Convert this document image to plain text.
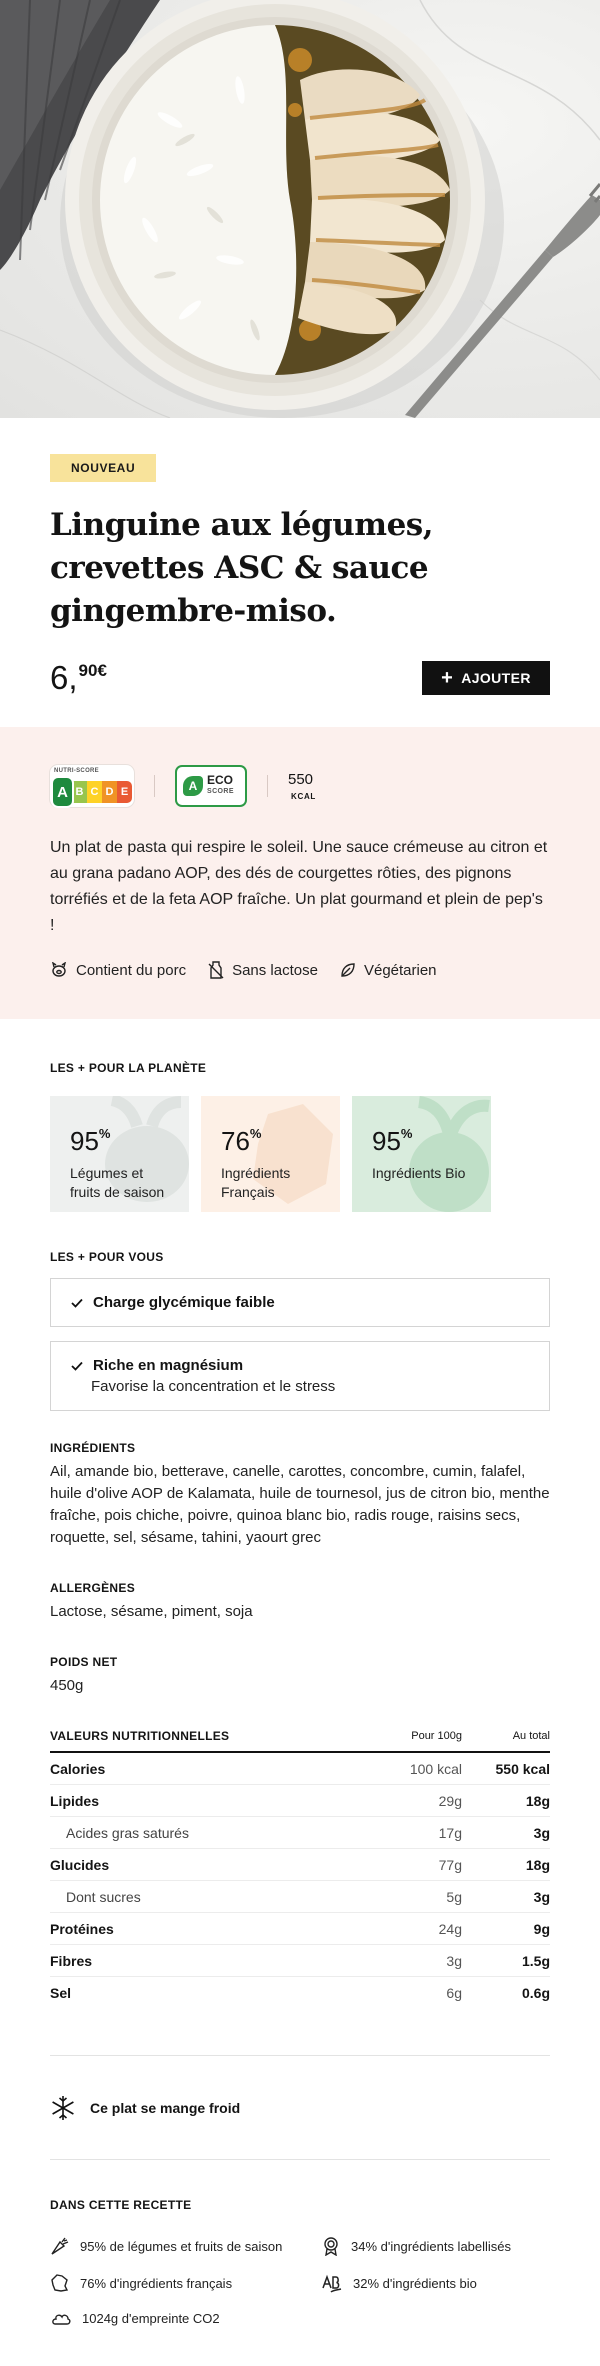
NOUVEAU
Linguine aux légumes, crevettes ASC & sauce gingembre-miso.
6,$^{90€}$	+ AJOUTER
NUTRI-SCORE
A B C D E	A ECO
SCORE
550
KCAL

Un plat de pasta qui respire le soleil. Une sauce crémeuse au citron et au grana padano AOP, des dés de courgettes rôties, des pignons torréfiés et de la feta AOP fraîche. Un plat gourmand et plein de pep's !

Contient du porc	Sans lactose	Végétarien
LES + POUR LA PLANÈTE
95%
Légumes et fruits de saison
76%
Ingrédients Français
95%
Ingrédients Bio
LES + POUR VOUS
Charge glycémique faible
Riche en magnésium
Favorise la concentration et le stress
INGRÉDIENTS
Ail, amande bio, betterave, canelle, carottes, concombre, cumin, falafel, huile d'olive AOP de Kalamata, huile de tournesol, jus de citron bio, menthe fraîche, pois chiche, poivre, quinoa blanc bio, radis rouge, raisins secs, roquette, sel, sésame, tahini, yaourt grec
ALLERGÈNES
Lactose, sésame, piment, soja
POIDS NET
450g
VALEURS NUTRITIONNELLES	Pour 100g	Au total
Calories	100 kcal	550 kcal
Lipides	29g	18g
Acides gras saturés	17g	3g
Glucides	77g	18g
Dont sucres	5g	3g
Protéines	24g	9g
Fibres	3g	1.5g
Sel	6g	0.6g
Ce plat se mange froid
DANS CETTE RECETTE
95% de légumes et fruits de saison	34% d'ingrédients labellisés
76% d'ingrédients français	32% d'ingrédients bio
1024g d'empreinte CO2
